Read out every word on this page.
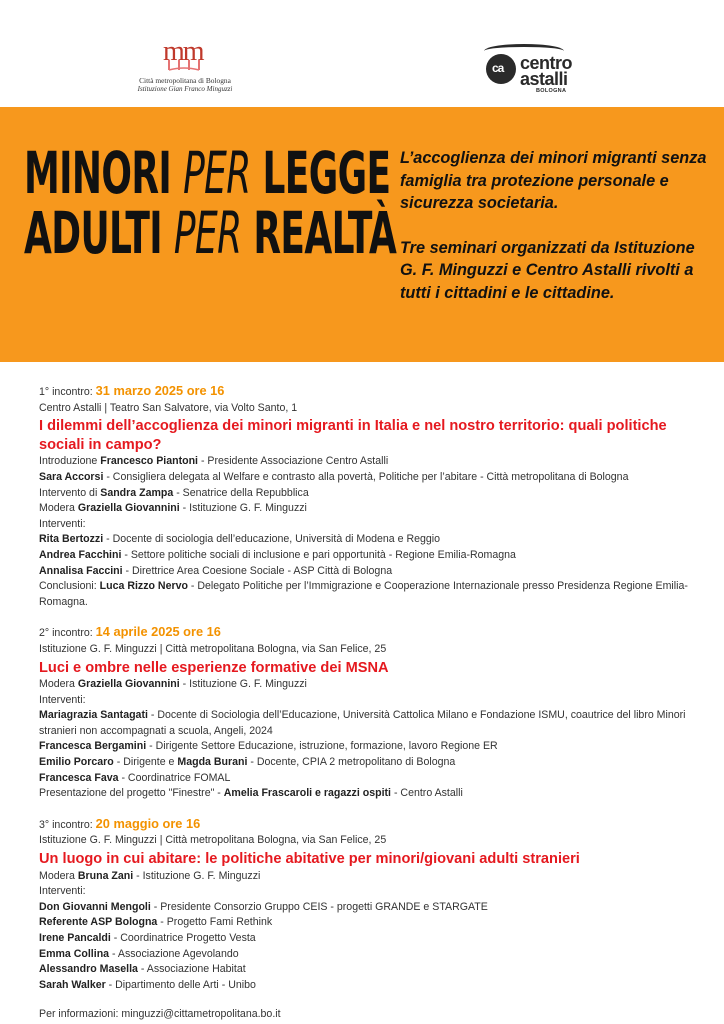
mm
Città metropolitana di Bologna
Istituzione Gian Franco Minguzzi
ca centro
astalli
BOLOGNA
MINORI PER LEGGE
ADULTI PER REALTÀ

L’accoglienza dei minori migranti senza famiglia tra protezione personale e sicurezza societaria.

Tre seminari organizzati da Istituzione G. F. Minguzzi e Centro Astalli rivolti a tutti i cittadini e le cittadine.

1° incontro: 31 marzo 2025 ore 16
Centro Astalli | Teatro San Salvatore, via Volto Santo, 1
I dilemmi dell’accoglienza dei minori migranti in Italia e nel nostro territorio: quali politiche sociali in campo?
Introduzione Francesco Piantoni - Presidente Associazione Centro Astalli
Sara Accorsi - Consigliera delegata al Welfare e contrasto alla povertà, Politiche per l’abitare - Città metropolitana di Bologna
Intervento di Sandra Zampa - Senatrice della Repubblica
Modera Graziella Giovannini - Istituzione G. F. Minguzzi
Interventi:
Rita Bertozzi - Docente di sociologia dell’educazione, Università di Modena e Reggio
Andrea Facchini - Settore politiche sociali di inclusione e pari opportunità - Regione Emilia-Romagna
Annalisa Faccini - Direttrice Area Coesione Sociale - ASP Città di Bologna
Conclusioni: Luca Rizzo Nervo - Delegato Politiche per l’Immigrazione e Cooperazione Internazionale presso Presidenza Regione Emilia-Romagna.
2° incontro: 14 aprile 2025 ore 16
Istituzione G. F. Minguzzi | Città metropolitana Bologna, via San Felice, 25
Luci e ombre nelle esperienze formative dei MSNA
Modera Graziella Giovannini - Istituzione G. F. Minguzzi
Interventi:
Mariagrazia Santagati - Docente di Sociologia dell’Educazione, Università Cattolica Milano e Fondazione ISMU, coautrice del libro Minori stranieri non accompagnati a scuola, Angeli, 2024
Francesca Bergamini - Dirigente Settore Educazione, istruzione, formazione, lavoro Regione ER
Emilio Porcaro - Dirigente e Magda Burani - Docente, CPIA 2 metropolitano di Bologna
Francesca Fava - Coordinatrice FOMAL
Presentazione del progetto "Finestre" - Amelia Frascaroli e ragazzi ospiti - Centro Astalli
3° incontro: 20 maggio ore 16
Istituzione G. F. Minguzzi | Città metropolitana Bologna, via San Felice, 25
Un luogo in cui abitare: le politiche abitative per minori/giovani adulti stranieri
Modera Bruna Zani - Istituzione G. F. Minguzzi
Interventi:
Don Giovanni Mengoli - Presidente Consorzio Gruppo CEIS - progetti GRANDE e STARGATE
Referente ASP Bologna - Progetto Fami Rethink
Irene Pancaldi - Coordinatrice Progetto Vesta
Emma Collina - Associazione Agevolando
Alessandro Masella - Associazione Habitat
Sarah Walker - Dipartimento delle Arti - Unibo
Per informazioni: minguzzi@cittametropolitana.bo.it
